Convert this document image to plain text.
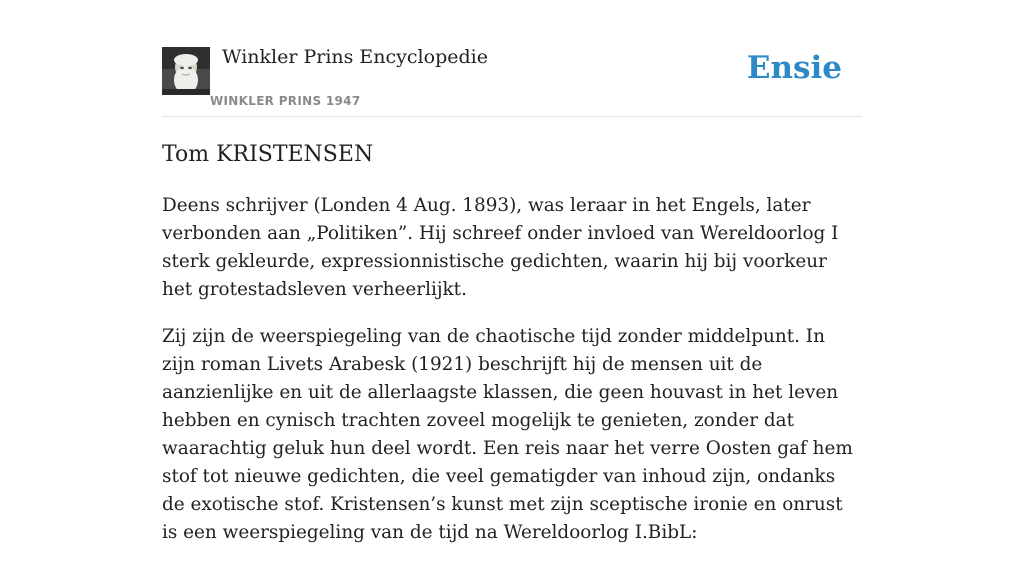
Winkler Prins Encyclopedie
WINKLER PRINS 1947
Ensie
Tom KRISTENSEN

Deens schrijver (Londen 4 Aug. 1893), was leraar in het Engels, later verbonden aan „Politiken”. Hij schreef onder invloed van Wereldoorlog I sterk gekleurde, expressionnistische gedichten, waarin hij bij voorkeur het grotestadsleven verheerlijkt.

Zij zijn de weerspiegeling van de chaotische tijd zonder middelpunt. In zijn roman Livets Arabesk (1921) beschrijft hij de mensen uit de aanzienlijke en uit de allerlaagste klassen, die geen houvast in het leven hebben en cynisch trachten zoveel mogelijk te genieten, zonder dat waarachtig geluk hun deel wordt. Een reis naar het verre Oosten gaf hem stof tot nieuwe gedichten, die veel gematigder van inhoud zijn, ondanks de exotische stof. Kristensen’s kunst met zijn sceptische ironie en onrust is een weerspiegeling van de tijd na Wereldoorlog I.BibL:
